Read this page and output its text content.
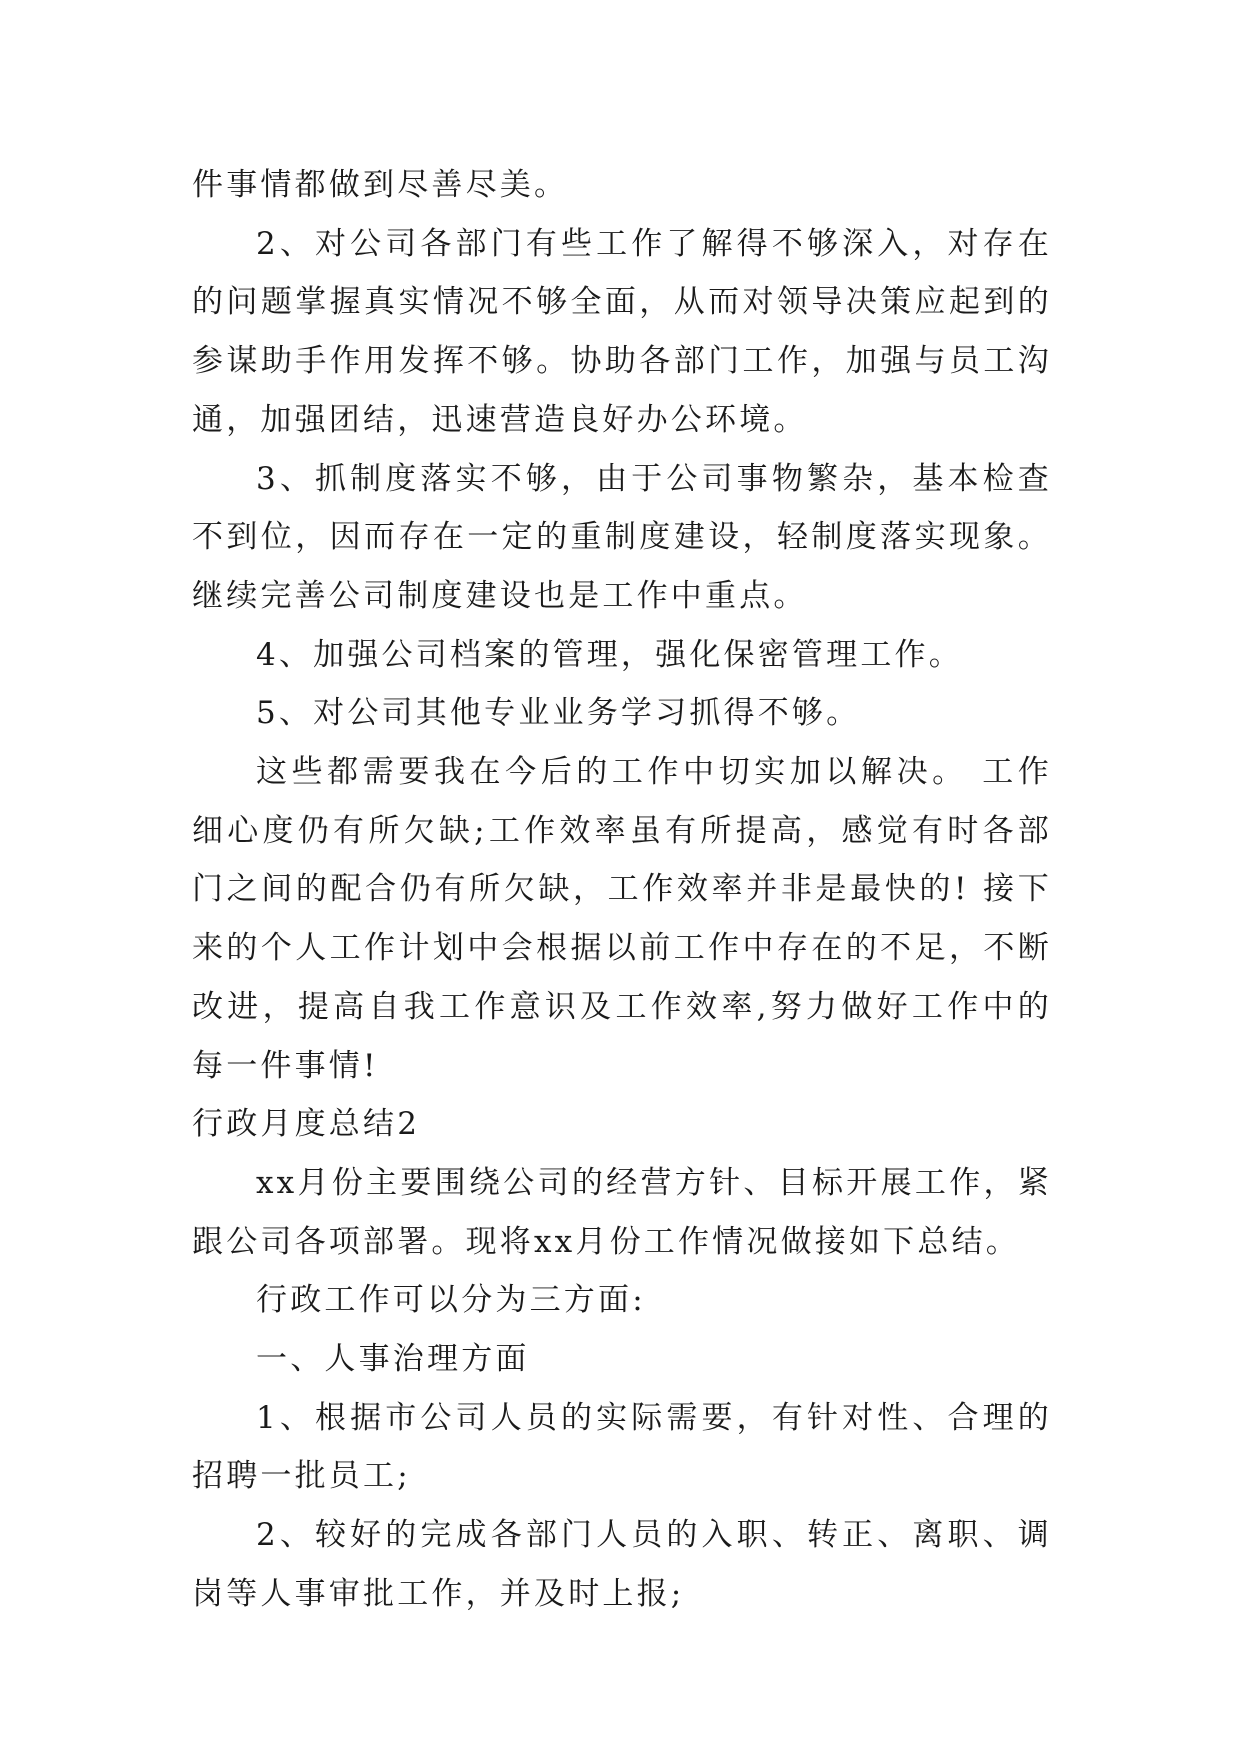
件事情都做到尽善尽美。

2、对公司各部门有些工作了解得不够深入，对存在的问题掌握真实情况不够全面，从而对领导决策应起到的参谋助手作用发挥不够。协助各部门工作，加强与员工沟通，加强团结，迅速营造良好办公环境。

3、抓制度落实不够，由于公司事物繁杂，基本检查不到位，因而存在一定的重制度建设，轻制度落实现象。继续完善公司制度建设也是工作中重点。

4、加强公司档案的管理，强化保密管理工作。

5、对公司其他专业业务学习抓得不够。

这些都需要我在今后的工作中切实加以解决。 工作细心度仍有所欠缺;工作效率虽有所提高，感觉有时各部门之间的配合仍有所欠缺，工作效率并非是最快的! 接下来的个人工作计划中会根据以前工作中存在的不足，不断改进，提高自我工作意识及工作效率,努力做好工作中的每一件事情!

行政月度总结2

xx月份主要围绕公司的经营方针、目标开展工作，紧跟公司各项部署。现将xx月份工作情况做接如下总结。

行政工作可以分为三方面:

一、人事治理方面

1、根据市公司人员的实际需要，有针对性、合理的招聘一批员工;

2、较好的完成各部门人员的入职、转正、离职、调岗等人事审批工作，并及时上报;
